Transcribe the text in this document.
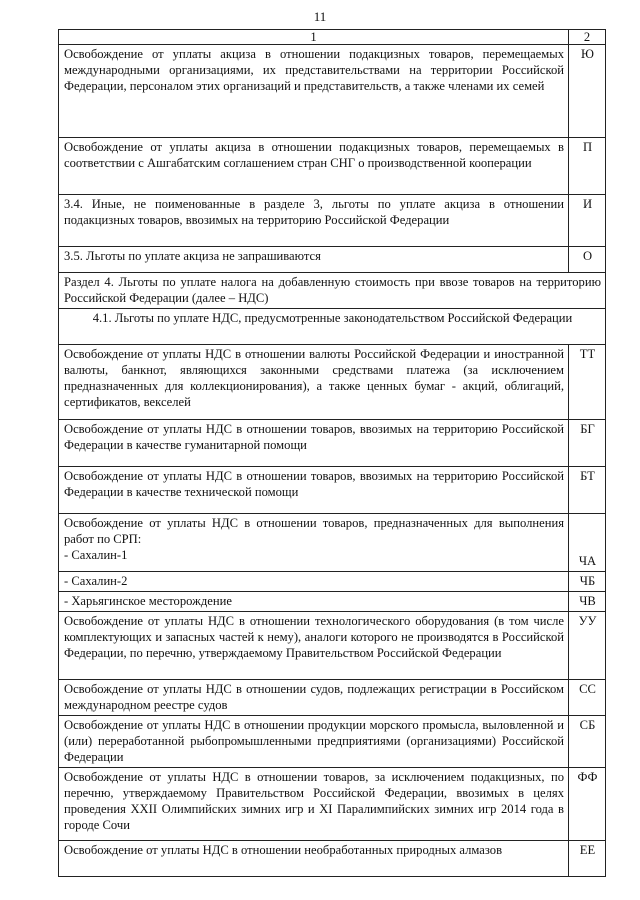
11
1	2
Освобождение от уплаты акциза в отношении подакцизных товаров, перемещаемых международными организациями, их представительствами на территории Российской Федерации, персоналом этих организаций и представительств, а также членами их семей	Ю
Освобождение от уплаты акциза в отношении подакцизных товаров, перемещаемых в соответствии с Ашгабатским соглашением стран СНГ о производственной кооперации	П
3.4. Иные, не поименованные в разделе 3, льготы по уплате акциза в отношении подакцизных товаров, ввозимых на территорию Российской Федерации	И
3.5. Льготы по уплате акциза не запрашиваются	О
Раздел 4. Льготы по уплате налога на добавленную стоимость при ввозе товаров на территорию Российской Федерации (далее – НДС)	
4.1. Льготы по уплате НДС, предусмотренные законодательством Российской Федерации	
Освобождение от уплаты НДС в отношении валюты Российской Федерации и иностранной валюты, банкнот, являющихся законными средствами платежа (за исключением предназначенных для коллекционирования), а также ценных бумаг - акций, облигаций, сертификатов, векселей	ТТ
Освобождение от уплаты НДС в отношении товаров, ввозимых на территорию Российской Федерации в качестве гуманитарной помощи	БГ
Освобождение от уплаты НДС в отношении товаров, ввозимых на территорию Российской Федерации в качестве технической помощи	БТ

Освобождение от уплаты НДС в отношении товаров, предназначенных для выполнения работ по СРП:
- Сахалин-1	ЧА
- Сахалин-2	ЧБ
- Харьягинское месторождение	ЧВ
Освобождение от уплаты НДС в отношении технологического оборудования (в том числе комплектующих и запасных частей к нему), аналоги которого не производятся в Российской Федерации, по перечню, утверждаемому Правительством Российской Федерации	УУ
Освобождение от уплаты НДС в отношении судов, подлежащих регистрации в Российском международном реестре судов	СС
Освобождение от уплаты НДС в отношении продукции морского промысла, выловленной и (или) переработанной рыбопромышленными предприятиями (организациями) Российской Федерации	СБ
Освобождение от уплаты НДС в отношении товаров, за исключением подакцизных, по перечню, утверждаемому Правительством Российской Федерации, ввозимых в целях проведения XXII Олимпийских зимних игр и XI Паралимпийских зимних игр 2014 года в городе Сочи	ФФ
Освобождение от уплаты НДС в отношении необработанных природных алмазов	ЕЕ
